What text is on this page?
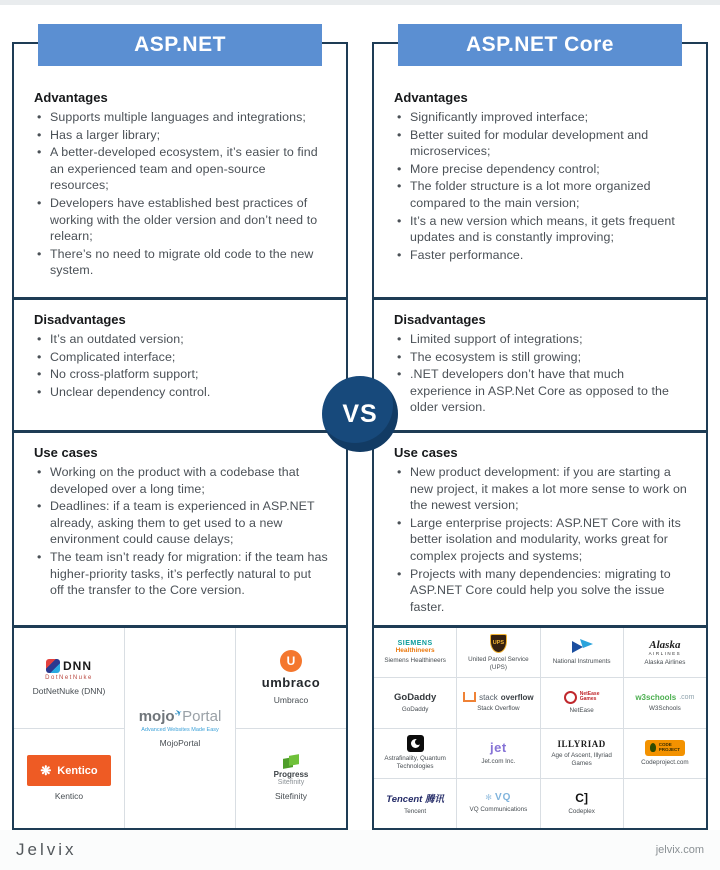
ASP.NET	ASP.NET Core
Advantages
• Supports multiple languages and integrations;
• Has a larger library;
• A better-developed ecosystem, it’s easier to find an experienced team and open-source resources;
• Developers have established best practices of working with the older version and don’t need to relearn;
• There’s no need to migrate old code to the new system.
Disadvantages
• It’s an outdated version;
• Complicated interface;
• No cross-platform support;
• Unclear dependency control.
Use cases
• Working on the product with a codebase that developed over a long time;
• Deadlines: if a team is experienced in ASP.NET already, asking them to get used to a new environment could cause delays;
• The team isn’t ready for migration: if the team has higher-priority tasks, it’s perfectly natural to put off the transfer to the Core version.
DNN
DotNetNuke
DotNetNuke (DNN)
mojo✈Portal
Advanced Websites Made Easy
MojoPortal
U
umbraco
Umbraco
❋ Kentico
Kentico
Progress
Sitefinity
Sitefinity
Advantages
• Significantly improved interface;
• Better suited for modular development and microservices;
• More precise dependency control;
• The folder structure is a lot more organized compared to the main version;
• It’s a new version which means, it gets frequent updates and is constantly improving;
• Faster performance.
Disadvantages
• Limited support of integrations;
• The ecosystem is still growing;
• .NET developers don’t have that much experience in ASP.Net Core as opposed to the older version.
Use cases
• New product development: if you are starting a new project, it makes a lot more sense to work on the newest version;
• Large enterprise projects: ASP.NET Core with its better isolation and modularity, works great for complex projects and systems;
• Projects with many dependencies: migrating to ASP.NET Core could help you solve the issue faster.
SIEMENS
Healthineers
Siemens Healthineers
UPS
United Parcel Service (UPS)
National Instruments
Alaska
AIRLINES
Alaska Airlines
GoDaddy
GoDaddy
stack overflow
Stack Overflow
NetEase
Games
NetEase
w3schools .com
W3Schools
Astrafinality, Quantum Technologies
jet
Jet.com Inc.
ILLYRIAD
Age of Ascent, Illyriad Games
CODE
PROJECT
Codeproject.com
Tencent 腾讯
Tencent
✻ VQ
VQ Communications
C]
Codeplex
VS
Jelvix	jelvix.com
